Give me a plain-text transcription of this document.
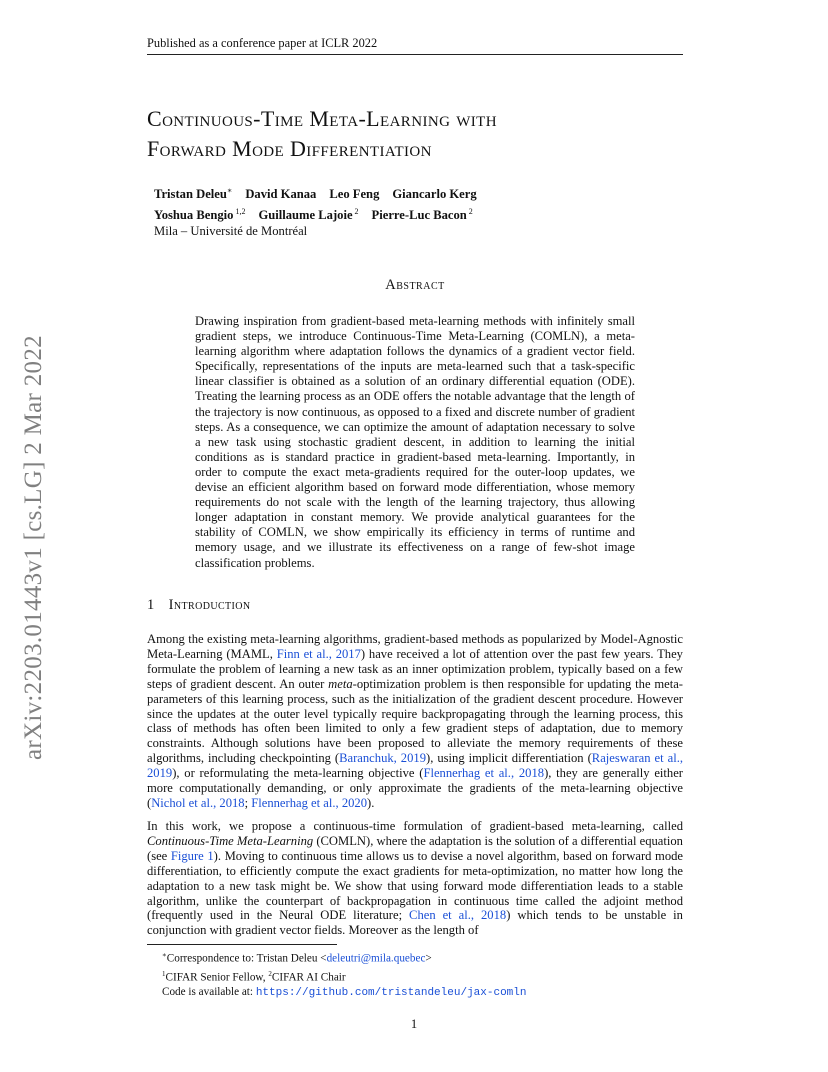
Published as a conference paper at ICLR 2022
arXiv:2203.01443v1 [cs.LG] 2 Mar 2022
Continuous-Time Meta-Learning with
Forward Mode Differentiation
Tristan Deleu∗ David Kanaa Leo Feng Giancarlo Kerg
Yoshua Bengio $^{1,2}$ Guillaume Lajoie $^2$ Pierre-Luc Bacon $^2$
Mila – Université de Montréal
Abstract
Drawing inspiration from gradient-based meta-learning methods with infinitely small gradient steps, we introduce Continuous-Time Meta-Learning (COMLN), a meta-learning algorithm where adaptation follows the dynamics of a gradient vector field. Specifically, representations of the inputs are meta-learned such that a task-specific linear classifier is obtained as a solution of an ordinary differential equation (ODE). Treating the learning process as an ODE offers the notable advantage that the length of the trajectory is now continuous, as opposed to a fixed and discrete number of gradient steps. As a consequence, we can optimize the amount of adaptation necessary to solve a new task using stochastic gradient descent, in addition to learning the initial conditions as is standard practice in gradient-based meta-learning. Importantly, in order to compute the exact meta-gradients required for the outer-loop updates, we devise an efficient algorithm based on forward mode differentiation, whose memory requirements do not scale with the length of the learning trajectory, thus allowing longer adaptation in constant memory. We provide analytical guarantees for the stability of COMLN, we show empirically its efficiency in terms of runtime and memory usage, and we illustrate its effectiveness on a range of few-shot image classification problems.
1 Introduction
Among the existing meta-learning algorithms, gradient-based methods as popularized by Model-Agnostic Meta-Learning (MAML, Finn et al., 2017) have received a lot of attention over the past few years. They formulate the problem of learning a new task as an inner optimization problem, typically based on a few steps of gradient descent. An outer meta-optimization problem is then responsible for updating the meta-parameters of this learning process, such as the initialization of the gradient descent procedure. However since the updates at the outer level typically require backpropagating through the learning process, this class of methods has often been limited to only a few gradient steps of adaptation, due to memory constraints. Although solutions have been proposed to alleviate the memory requirements of these algorithms, including checkpointing (Baranchuk, 2019), using implicit differentiation (Rajeswaran et al., 2019), or reformulating the meta-learning objective (Flennerhag et al., 2018), they are generally either more computationally demanding, or only approximate the gradients of the meta-learning objective (Nichol et al., 2018; Flennerhag et al., 2020).
In this work, we propose a continuous-time formulation of gradient-based meta-learning, called Continuous-Time Meta-Learning (COMLN), where the adaptation is the solution of a differential equation (see Figure 1). Moving to continuous time allows us to devise a novel algorithm, based on forward mode differentiation, to efficiently compute the exact gradients for meta-optimization, no matter how long the adaptation to a new task might be. We show that using forward mode differentiation leads to a stable algorithm, unlike the counterpart of backpropagation in continuous time called the adjoint method (frequently used in the Neural ODE literature; Chen et al., 2018) which tends to be unstable in conjunction with gradient vector fields. Moreover as the length of
∗Correspondence to: Tristan Deleu <deleutri@mila.quebec>
$^1$CIFAR Senior Fellow, $^2$CIFAR AI Chair
Code is available at: https://github.com/tristandeleu/jax-comln
1
